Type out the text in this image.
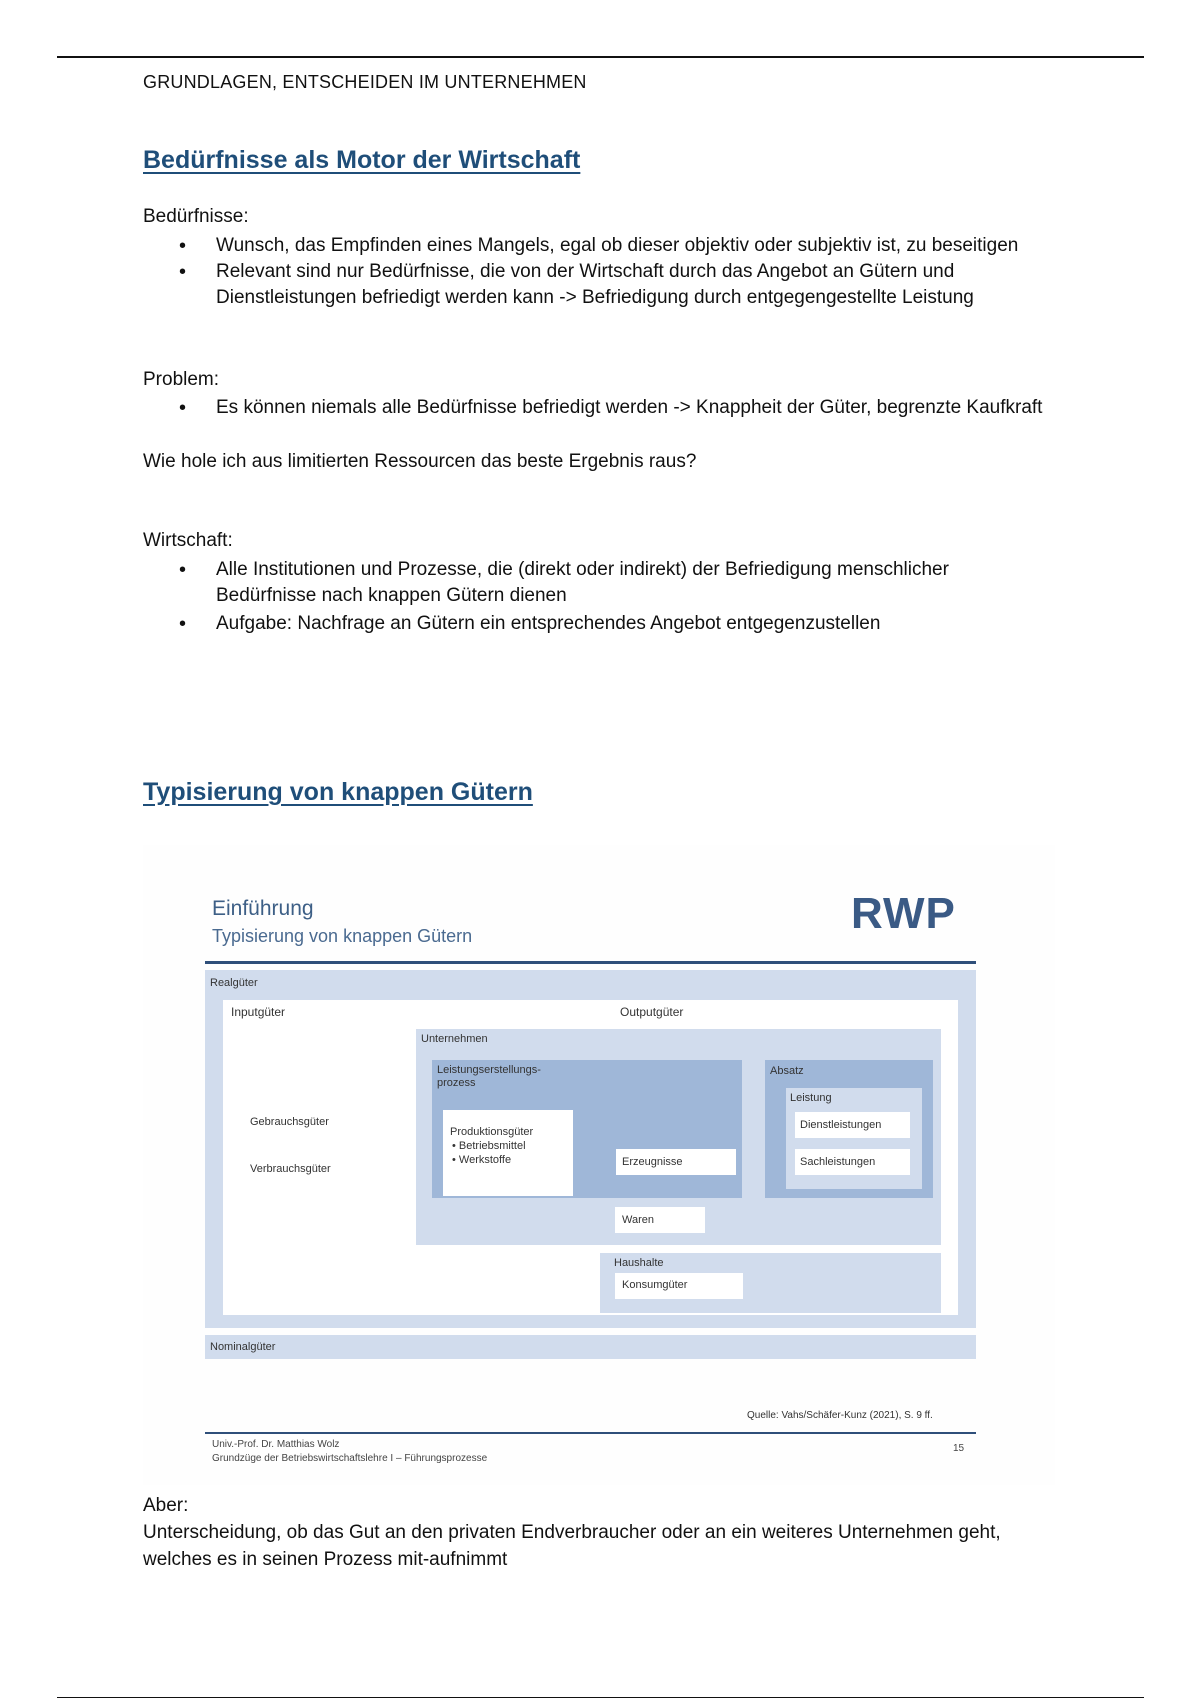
GRUNDLAGEN, ENTSCHEIDEN IM UNTERNEHMEN
Bedürfnisse als Motor der Wirtschaft
Bedürfnisse:
• Wunsch, das Empfinden eines Mangels, egal ob dieser objektiv oder subjektiv ist, zu beseitigen
• Relevant sind nur Bedürfnisse, die von der Wirtschaft durch das Angebot an Gütern und Dienstleistungen befriedigt werden kann -> Befriedigung durch entgegengestellte Leistung
Problem:
• Es können niemals alle Bedürfnisse befriedigt werden -> Knappheit der Güter, begrenzte Kaufkraft
Wie hole ich aus limitierten Ressourcen das beste Ergebnis raus?
Wirtschaft:
• Alle Institutionen und Prozesse, die (direkt oder indirekt) der Befriedigung menschlicher Bedürfnisse nach knappen Gütern dienen
• Aufgabe: Nachfrage an Gütern ein entsprechendes Angebot entgegenzustellen
Typisierung von knappen Gütern
Einführung
Typisierung von knappen Gütern	RWP
Realgüter
Inputgüter	Outputgüter
Unternehmen
Leistungserstellungs-
prozess
Absatz
Leistung
Dienstleistungen
Sachleistungen
Gebrauchsgüter
Verbrauchsgüter
Produktionsgüter
• Betriebsmittel
• Werkstoffe	Erzeugnisse
Waren
Haushalte
Konsumgüter
Nominalgüter
Quelle: Vahs/Schäfer-Kunz (2021), S. 9 ff.
Univ.-Prof. Dr. Matthias Wolz
Grundzüge der Betriebswirtschaftslehre I – Führungsprozesse
15
Aber:
Unterscheidung, ob das Gut an den privaten Endverbraucher oder an ein weiteres Unternehmen geht, welches es in seinen Prozess mit-aufnimmt
